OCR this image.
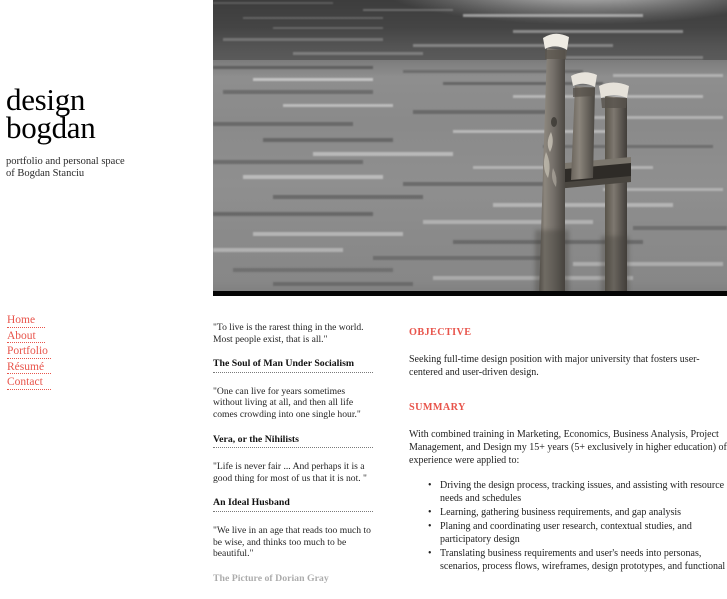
design
bogdan
portfolio and personal space
of Bogdan Stanciu
Home
About
Portfolio
Résumé
Contact

"To live is the rarest thing in the world. Most people exist, that is all."

The Soul of Man Under Socialism

"One can live for years sometimes without living at all, and then all life comes crowding into one single hour."

Vera, or the Nihilists

"Life is never fair ... And perhaps it is a good thing for most of us that it is not. "

An Ideal Husband

"We live in an age that reads too much to be wise, and thinks too much to be beautiful."

The Picture of Dorian Gray
OBJECTIVE

Seeking full-time design position with major university that fosters user-centered and user-driven design.

SUMMARY

With combined training in Marketing, Economics, Business Analysis, Project Management, and Design my 15+ years (5+ exclusively in higher education) of experience were applied to:

• Driving the design process, tracking issues, and assisting with resource needs and schedules
• Learning, gathering business requirements, and gap analysis
• Planing and coordinating user research, contextual studies, and participatory design
• Translating business requirements and user's needs into personas, scenarios, process flows, wireframes, design prototypes, and functional
